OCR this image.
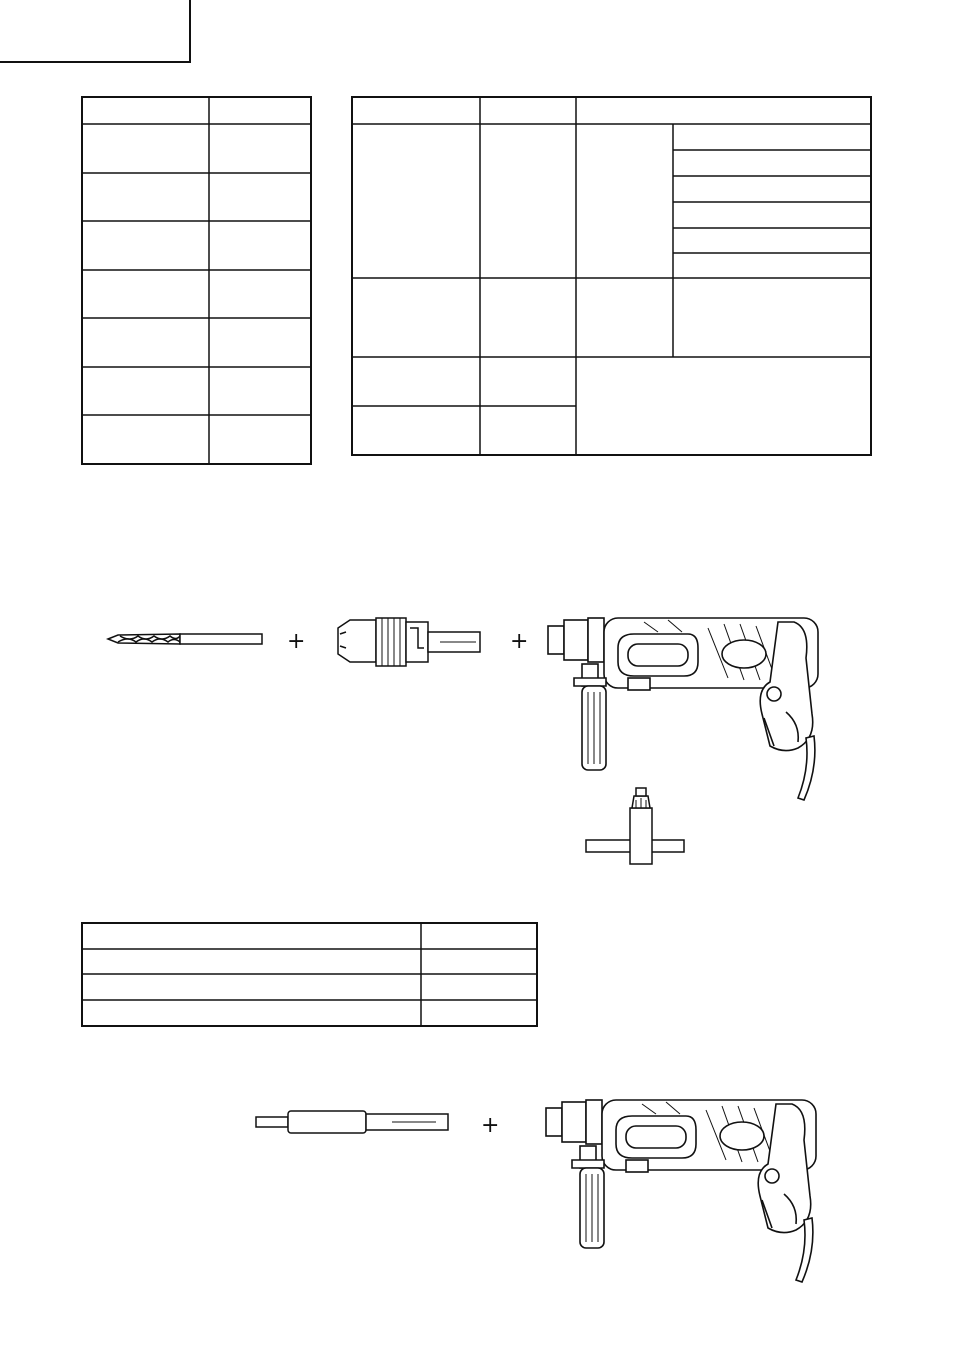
+	+
+
